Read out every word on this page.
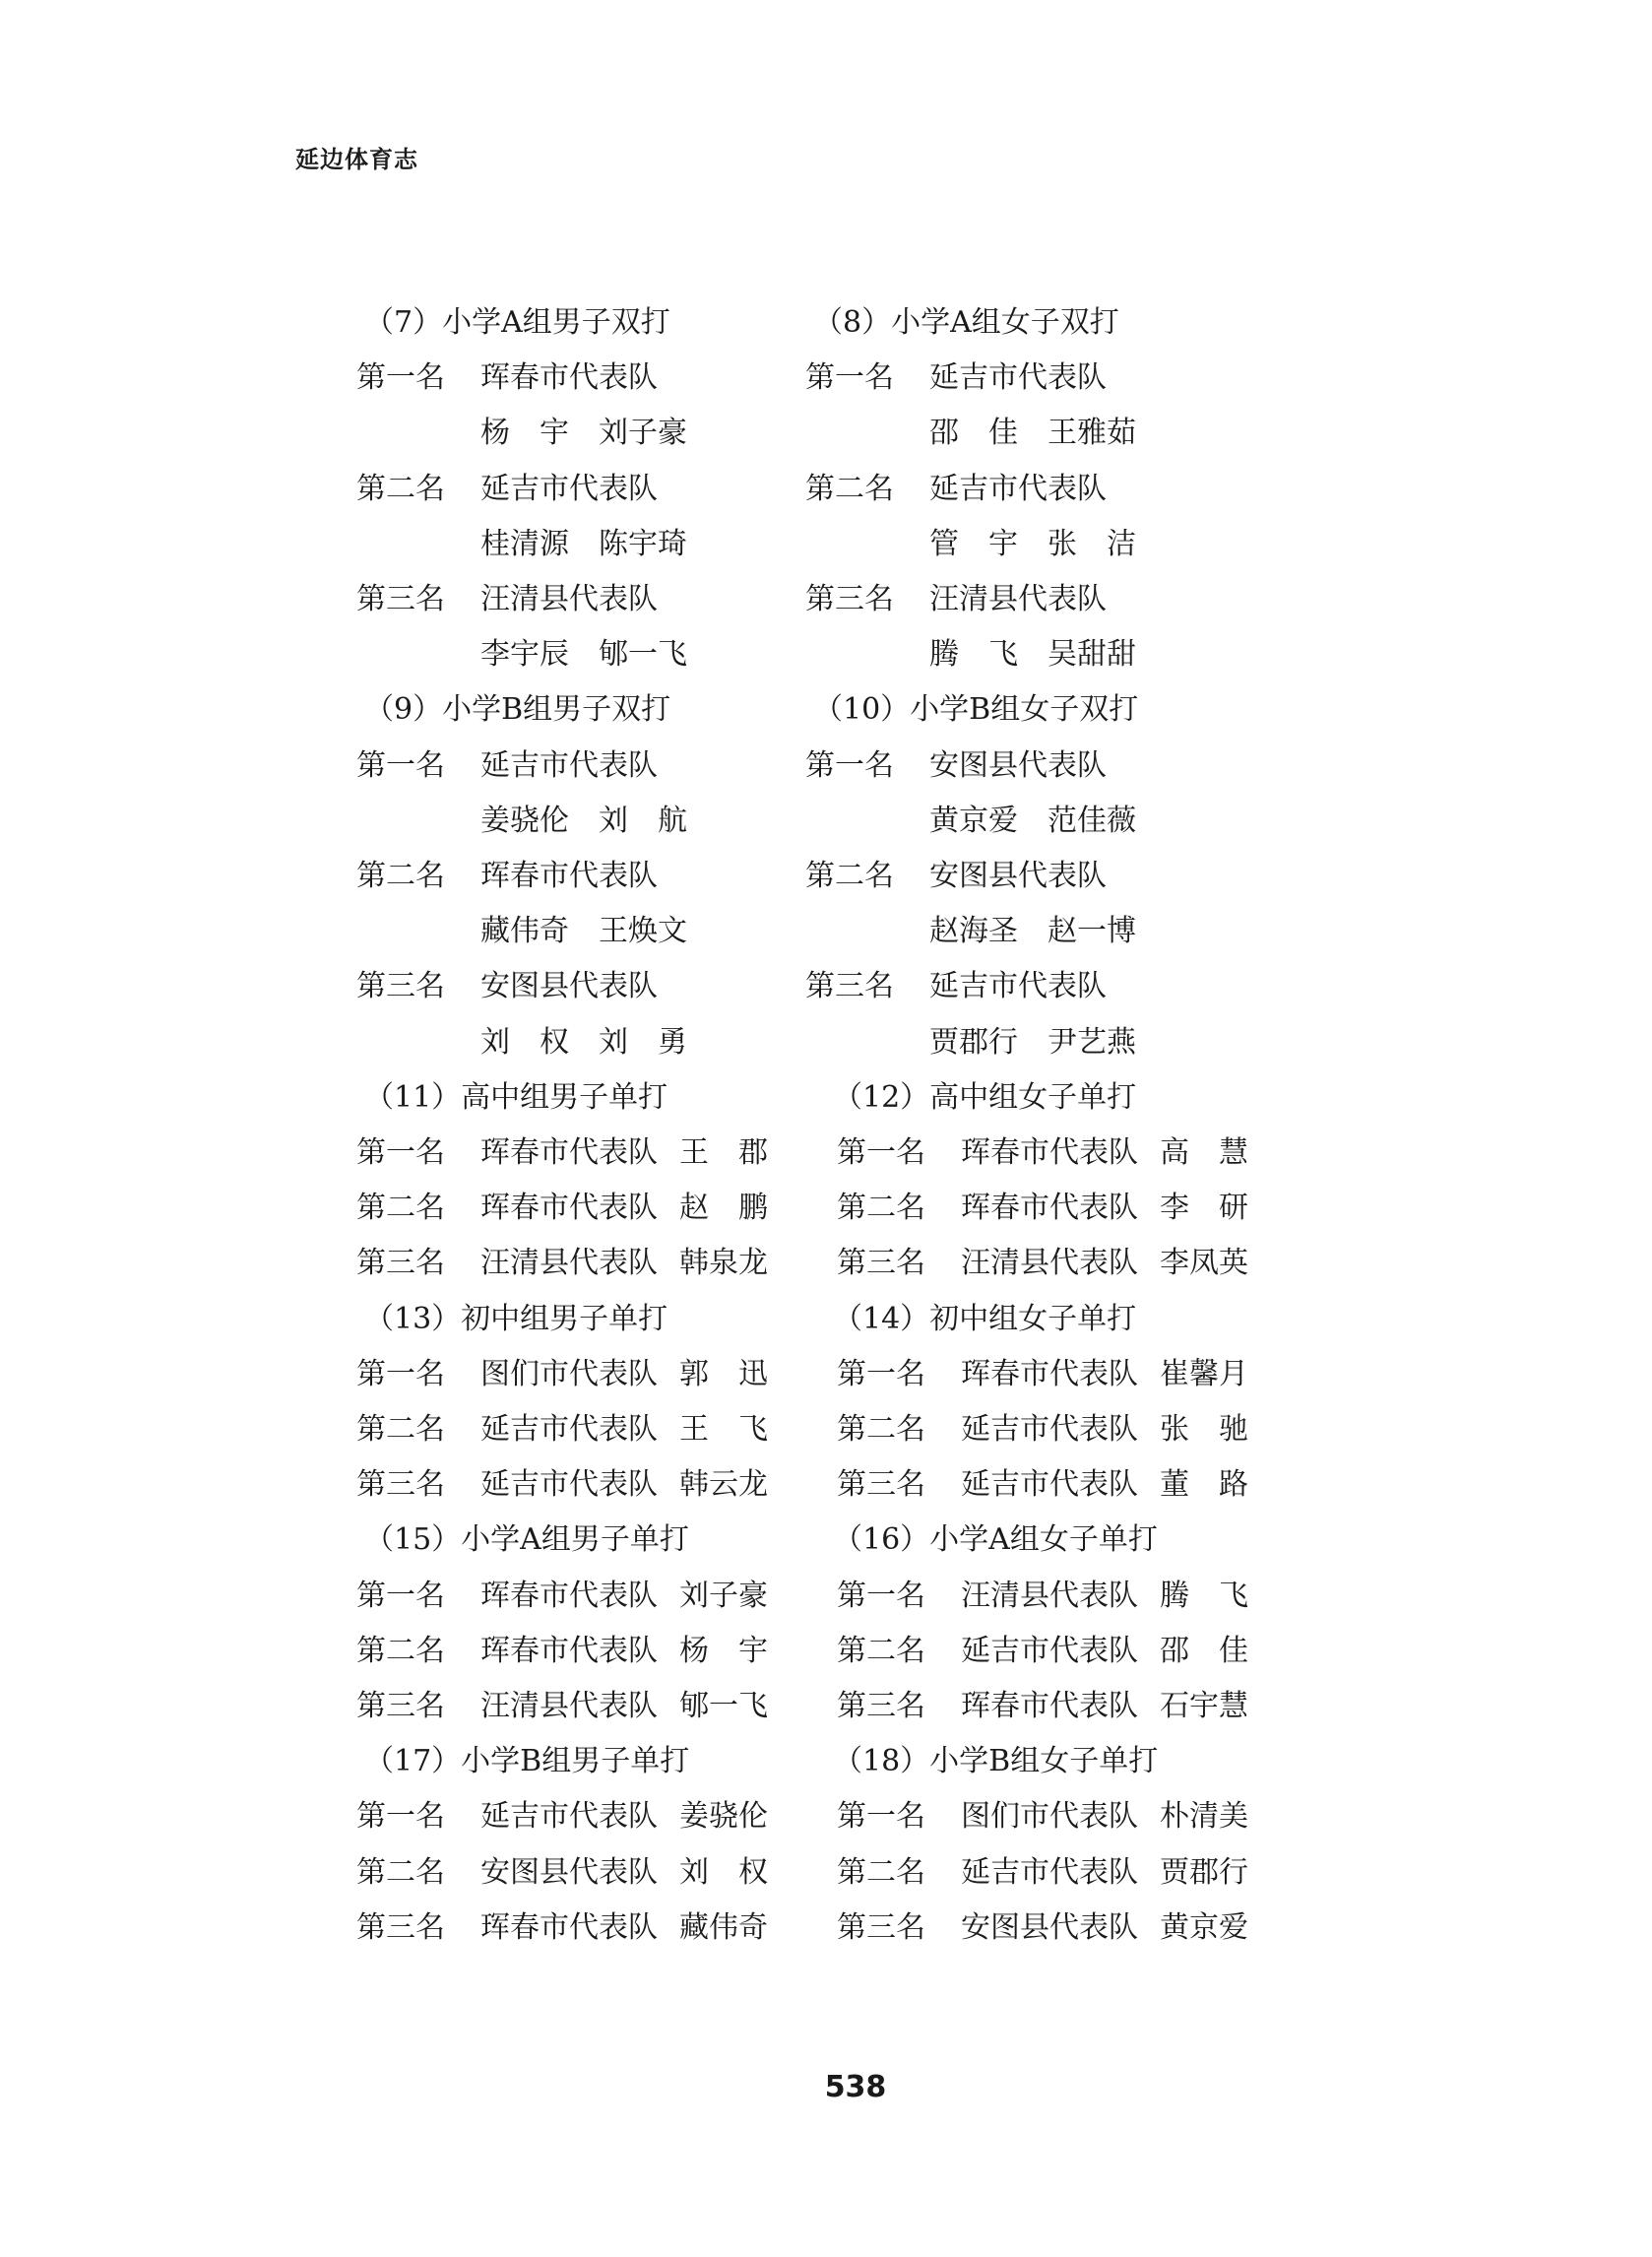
延边体育志
（7）小学A组男子双打
第一名 珲春市代表队
杨　宇　刘子豪
第二名 延吉市代表队
桂清源　陈宇琦
第三名 汪清县代表队
李宇辰　郇一飞
（8）小学A组女子双打
第一名 延吉市代表队
邵　佳　王雅茹
第二名 延吉市代表队
管　宇　张　洁
第三名 汪清县代表队
腾　飞　吴甜甜
（9）小学B组男子双打
第一名 延吉市代表队
姜骁伦　刘　航
第二名 珲春市代表队
藏伟奇　王焕文
第三名 安图县代表队
刘　权　刘　勇
（10）小学B组女子双打
第一名 安图县代表队
黄京爱　范佳薇
第二名 安图县代表队
赵海圣　赵一博
第三名 延吉市代表队
贾郡行　尹艺燕
（11）高中组男子单打
第一名 珲春市代表队 王　郡
第二名 珲春市代表队 赵　鹏
第三名 汪清县代表队 韩泉龙
（12）高中组女子单打
第一名 珲春市代表队 高　慧
第二名 珲春市代表队 李　研
第三名 汪清县代表队 李凤英
（13）初中组男子单打
第一名 图们市代表队 郭　迅
第二名 延吉市代表队 王　飞
第三名 延吉市代表队 韩云龙
（14）初中组女子单打
第一名 珲春市代表队 崔馨月
第二名 延吉市代表队 张　驰
第三名 延吉市代表队 董　路
（15）小学A组男子单打
第一名 珲春市代表队 刘子豪
第二名 珲春市代表队 杨　宇
第三名 汪清县代表队 郇一飞
（16）小学A组女子单打
第一名 汪清县代表队 腾　飞
第二名 延吉市代表队 邵　佳
第三名 珲春市代表队 石宇慧
（17）小学B组男子单打
第一名 延吉市代表队 姜骁伦
第二名 安图县代表队 刘　权
第三名 珲春市代表队 藏伟奇
（18）小学B组女子单打
第一名 图们市代表队 朴清美
第二名 延吉市代表队 贾郡行
第三名 安图县代表队 黄京爱
538
